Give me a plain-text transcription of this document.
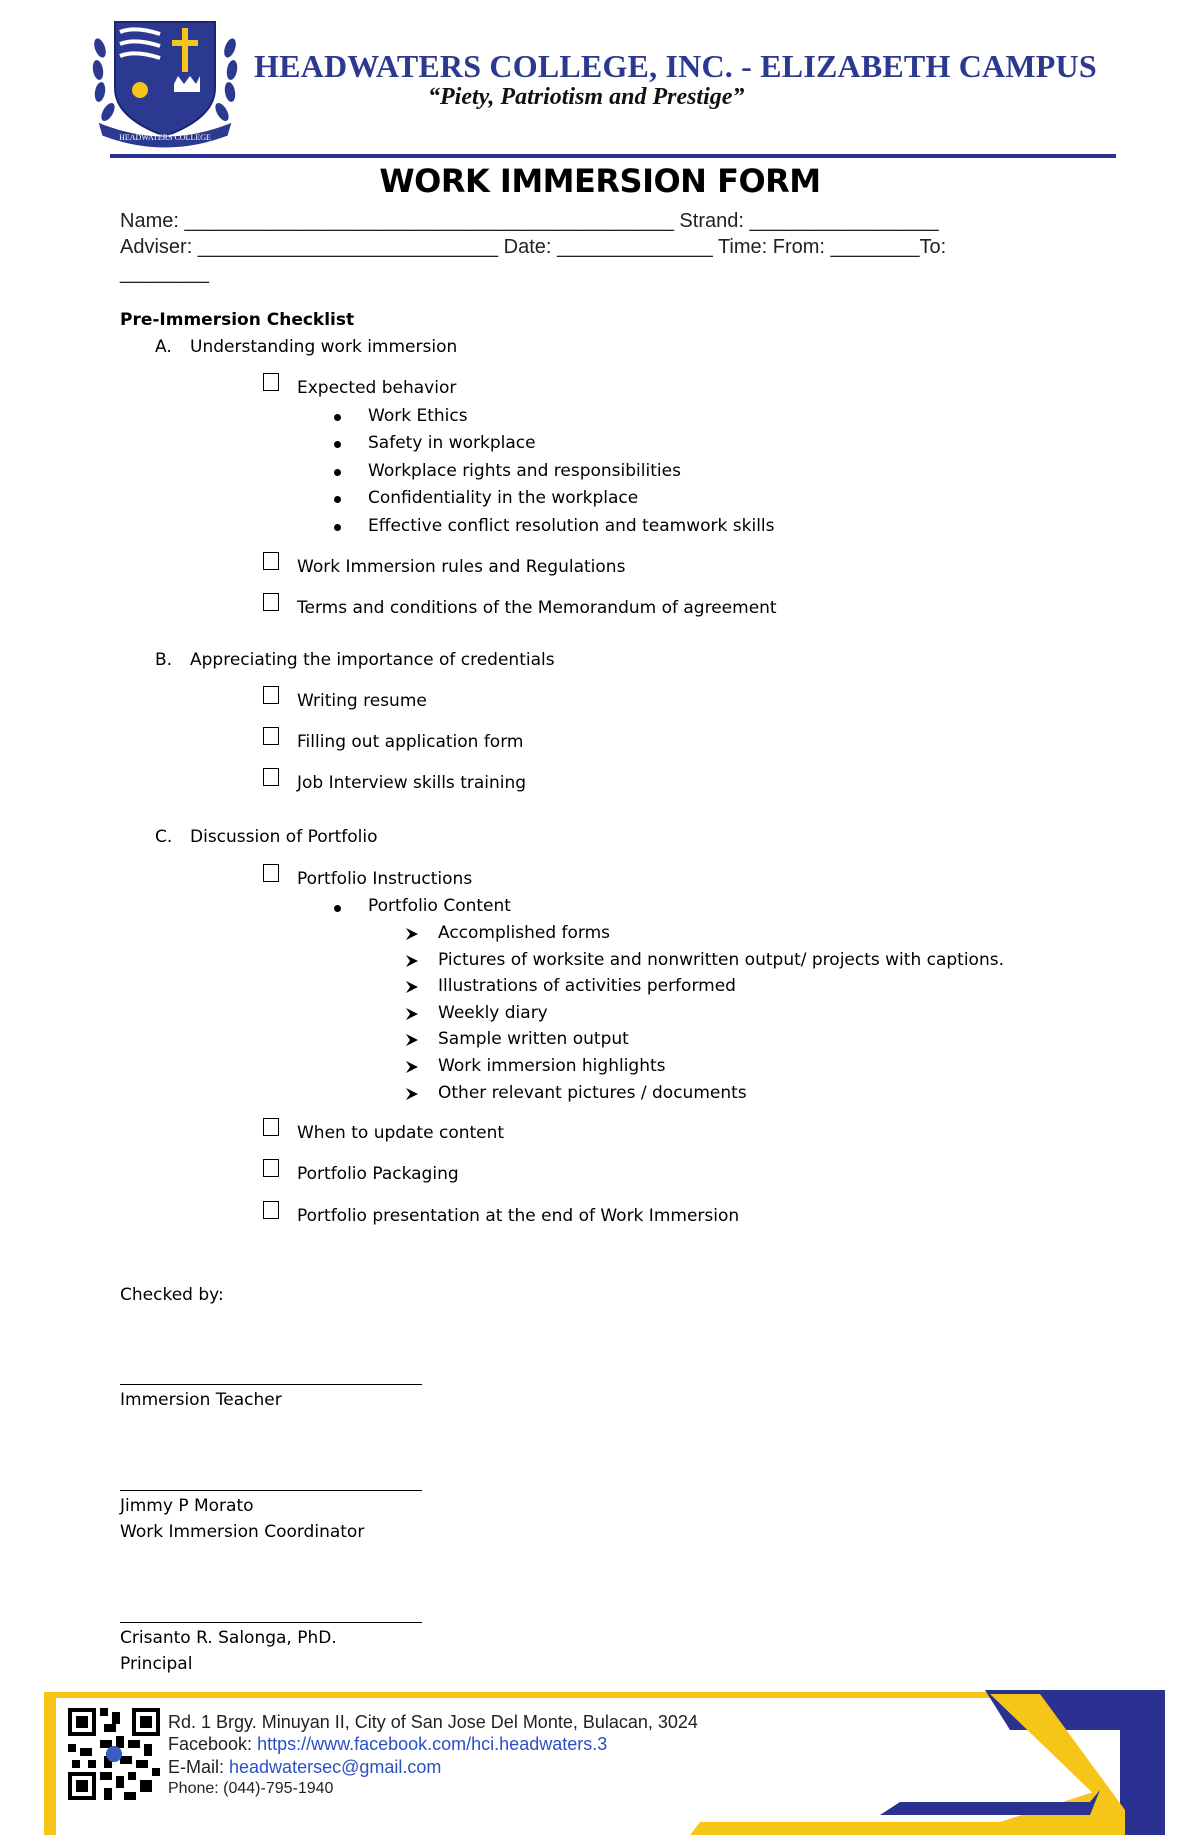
HEADWATERS COLLEGE
HEADWATERS COLLEGE, INC. - ELIZABETH CAMPUS
“Piety, Patriotism and Prestige”
WORK IMMERSION FORM
Name: ____________________________________________ Strand: _________________
Adviser: ___________________________ Date: ______________ Time: From: ________To:
________
Pre-Immersion Checklist
A. Understanding work immersion
Expected behavior
Work Ethics
Safety in workplace
Workplace rights and responsibilities
Confidentiality in the workplace
Effective conflict resolution and teamwork skills
Work Immersion rules and Regulations
Terms and conditions of the Memorandum of agreement
B. Appreciating the importance of credentials
Writing resume
Filling out application form
Job Interview skills training
C. Discussion of Portfolio
Portfolio Instructions
Portfolio Content
Accomplished forms
Pictures of worksite and nonwritten output/ projects with captions.
Illustrations of activities performed
Weekly diary
Sample written output
Work immersion highlights
Other relevant pictures / documents
When to update content
Portfolio Packaging
Portfolio presentation at the end of Work Immersion
Checked by:
Immersion Teacher
Jimmy P Morato
Work Immersion Coordinator
Crisanto R. Salonga, PhD.
Principal
Rd. 1 Brgy. Minuyan II, City of San Jose Del Monte, Bulacan, 3024
Facebook: https://www.facebook.com/hci.headwaters.3
E-Mail: headwatersec@gmail.com
Phone: (044)-795-1940
